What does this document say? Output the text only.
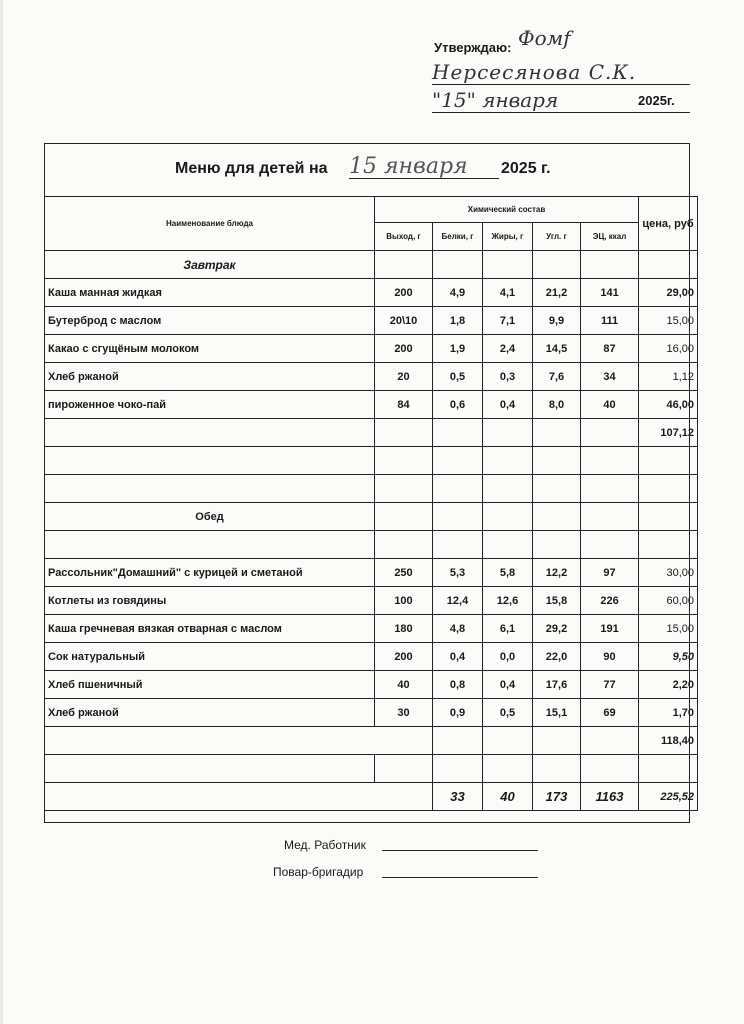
Утверждаю: Фомf
Нерсесянова С.К.
"15" января	2025г.
Меню для детей на 15 января 2025 г.
Наименование блюда	Химический состав					цена, руб
	Выход, г	Белки, г	Жиры, г	Угл. г	ЭЦ, ккал	
Завтрак						
Каша манная жидкая	200	4,9	4,1	21,2	141	29,00
Бутерброд с маслом	20\10	1,8	7,1	9,9	111	15,00
Какао с сгущёным молоком	200	1,9	2,4	14,5	87	16,00
Хлеб ржаной	20	0,5	0,3	7,6	34	1,12
пироженное чоко-пай	84	0,6	0,4	8,0	40	46,00
						107,12

Обед						

Рассольник"Домашний" с курицей и сметаной	250	5,3	5,8	12,2	97	30,00
Котлеты из говядины	100	12,4	12,6	15,8	226	60,00
Каша гречневая вязкая отварная с маслом	180	4,8	6,1	29,2	191	15,00
Сок натуральный	200	0,4	0,0	22,0	90	9,50
Хлеб пшеничный	40	0,8	0,4	17,6	77	2,20
Хлеб ржаной	30	0,9	0,5	15,1	69	1,70
						118,40

		33	40	173	1163	225,52
Мед. Работник
Повар-бригадир
